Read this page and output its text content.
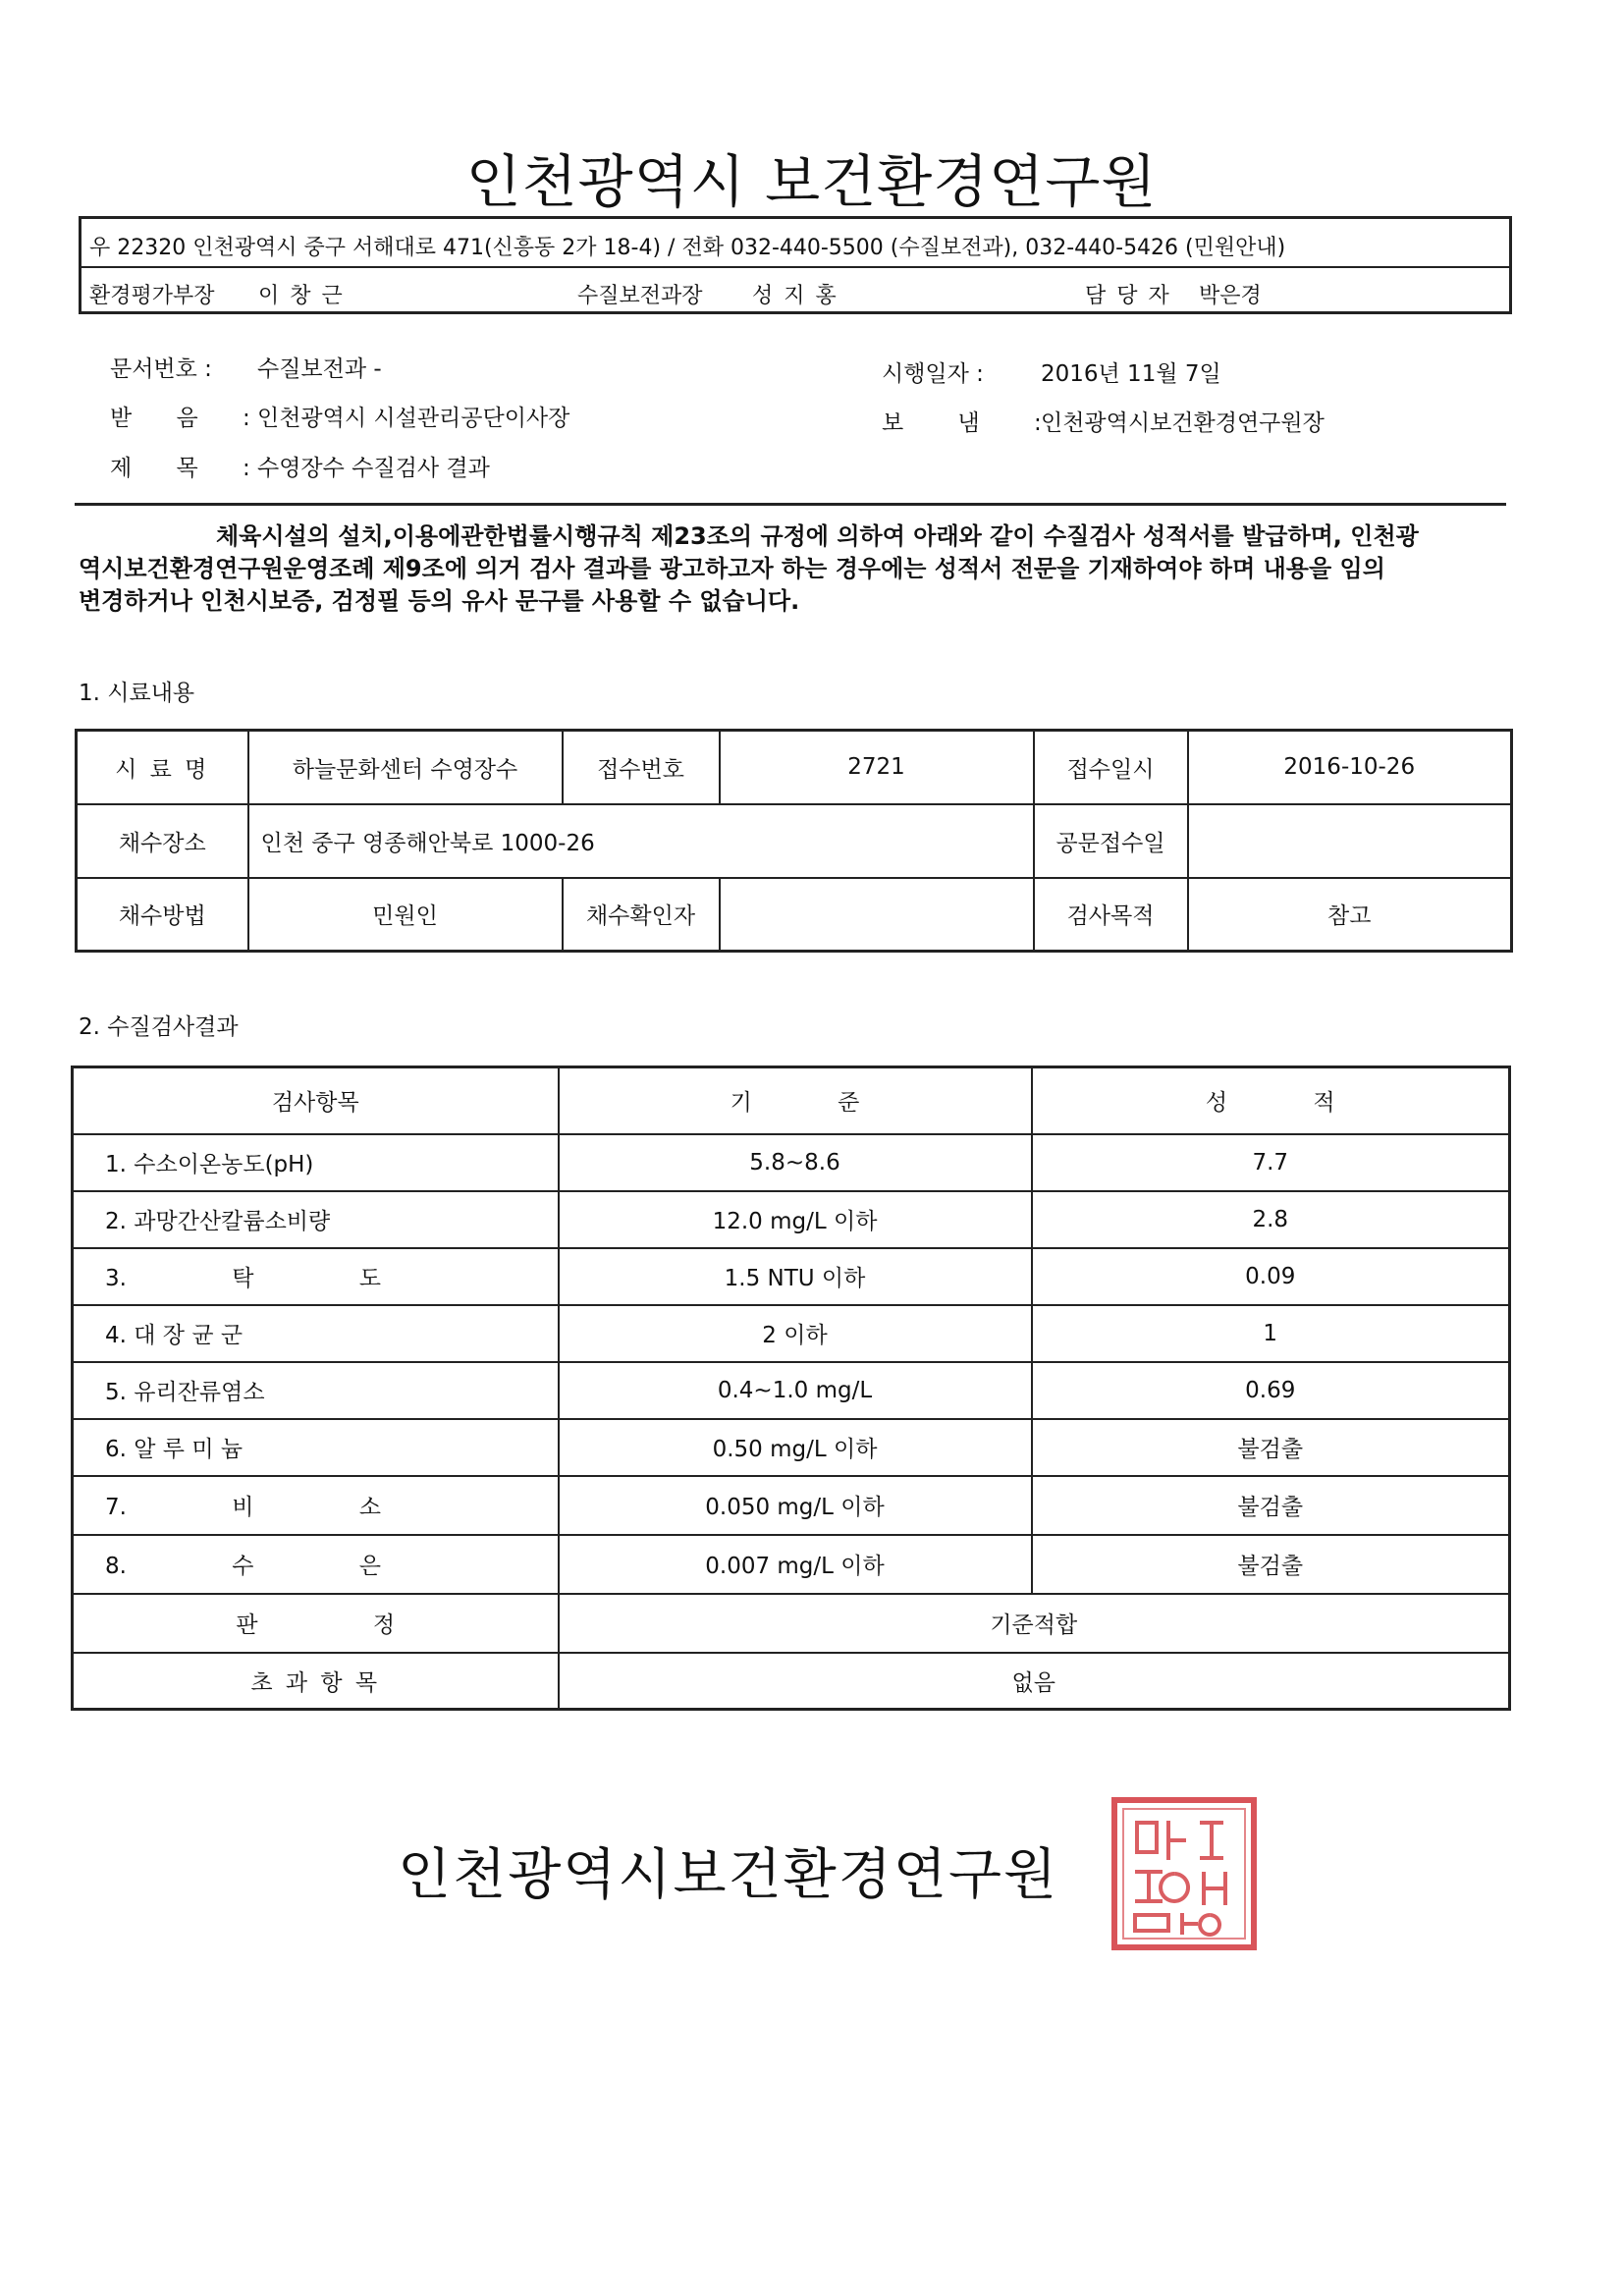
인천광역시 보건환경연구원
우 22320 인천광역시 중구 서해대로 471(신흥동 2가 18-4) / 전화 032-440-5500 (수질보전과), 032-440-5426 (민원안내)
환경평가부장 이 창 근	수질보전과장 성 지 홍	담 당 자 박은경
문서번호 : 수질보전과 -	시행일자 :	2016년 11월 7일
받 음 : 인천광역시 시설관리공단이사장	보 냄 : 인천광역시보건환경연구원장
제 목 : 수영장수 수질검사 결과

체육시설의 설치,이용에관한법률시행규칙 제23조의 규정에 의하여 아래와 같이 수질검사 성적서를 발급하며, 인천광

역시보건환경연구원운영조례 제9조에 의거 검사 결과를 광고하고자 하는 경우에는 성적서 전문을 기재하여야 하며 내용을 임의

변경하거나 인천시보증, 검정필 등의 유사 문구를 사용할 수 없습니다.

1. 시료내용
시 료 명	하늘문화센터 수영장수	접수번호	2721	접수일시	2016-10-26
채수장소	인천 중구 영종해안북로 1000-26			공문접수일	
채수방법	민원인	채수확인자		검사목적	참고
2. 수질검사결과
검사항목	기 준	성 적
1. 수소이온농도(pH)	5.8~8.6	7.7
2. 과망간산칼륨소비량	12.0 mg/L 이하	2.8
3. 탁 도	1.5 NTU 이하	0.09
4. 대 장 균 군	2 이하	1
5. 유리잔류염소	0.4~1.0 mg/L	0.69
6. 알 루 미 늄	0.50 mg/L 이하	불검출
7. 비 소	0.050 mg/L 이하	불검출
8. 수 은	0.007 mg/L 이하	불검출
판 정	기준적합	
초 과 항 목	없음	
인천광역시보건환경연구원
